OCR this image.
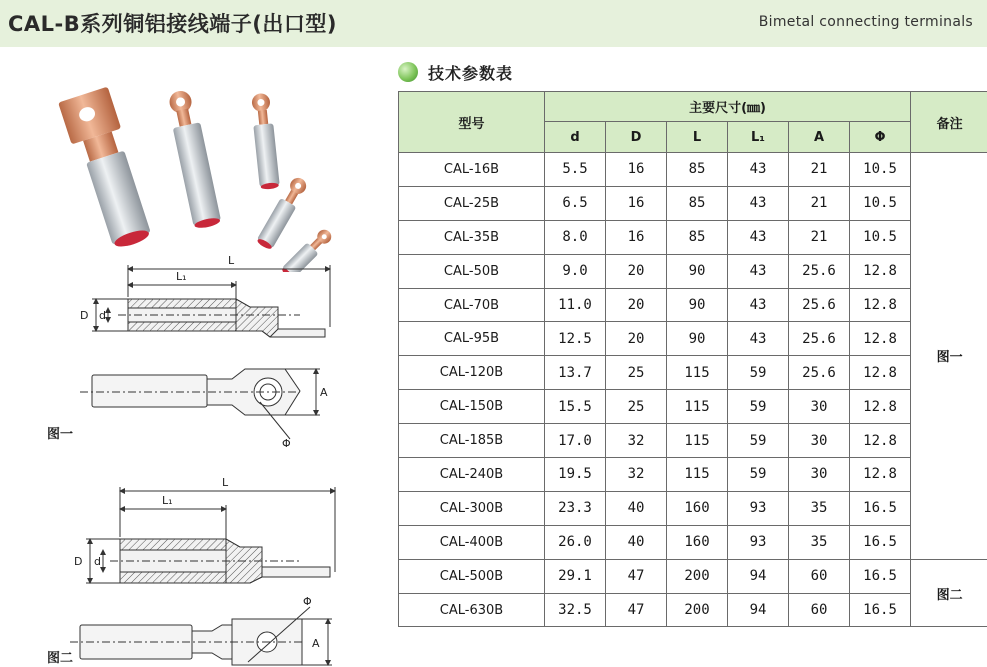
CAL-B系列铜铝接线端子(出口型)	Bimetal connecting terminals
L
L₁
D d
A
Φ
L
L₁
D d
A
Φ
图一
图二
技术参数表
型号	主要尺寸(㎜)						备注
	d	D	L	L₁	A	Φ	
CAL-16B	5.5	16	85	43	21	10.5	图一
CAL-25B	6.5	16	85	43	21	10.5	
CAL-35B	8.0	16	85	43	21	10.5	
CAL-50B	9.0	20	90	43	25.6	12.8	
CAL-70B	11.0	20	90	43	25.6	12.8	
CAL-95B	12.5	20	90	43	25.6	12.8	
CAL-120B	13.7	25	115	59	25.6	12.8	
CAL-150B	15.5	25	115	59	30	12.8	
CAL-185B	17.0	32	115	59	30	12.8	
CAL-240B	19.5	32	115	59	30	12.8	
CAL-300B	23.3	40	160	93	35	16.5	
CAL-400B	26.0	40	160	93	35	16.5	
CAL-500B	29.1	47	200	94	60	16.5	图二
CAL-630B	32.5	47	200	94	60	16.5	
